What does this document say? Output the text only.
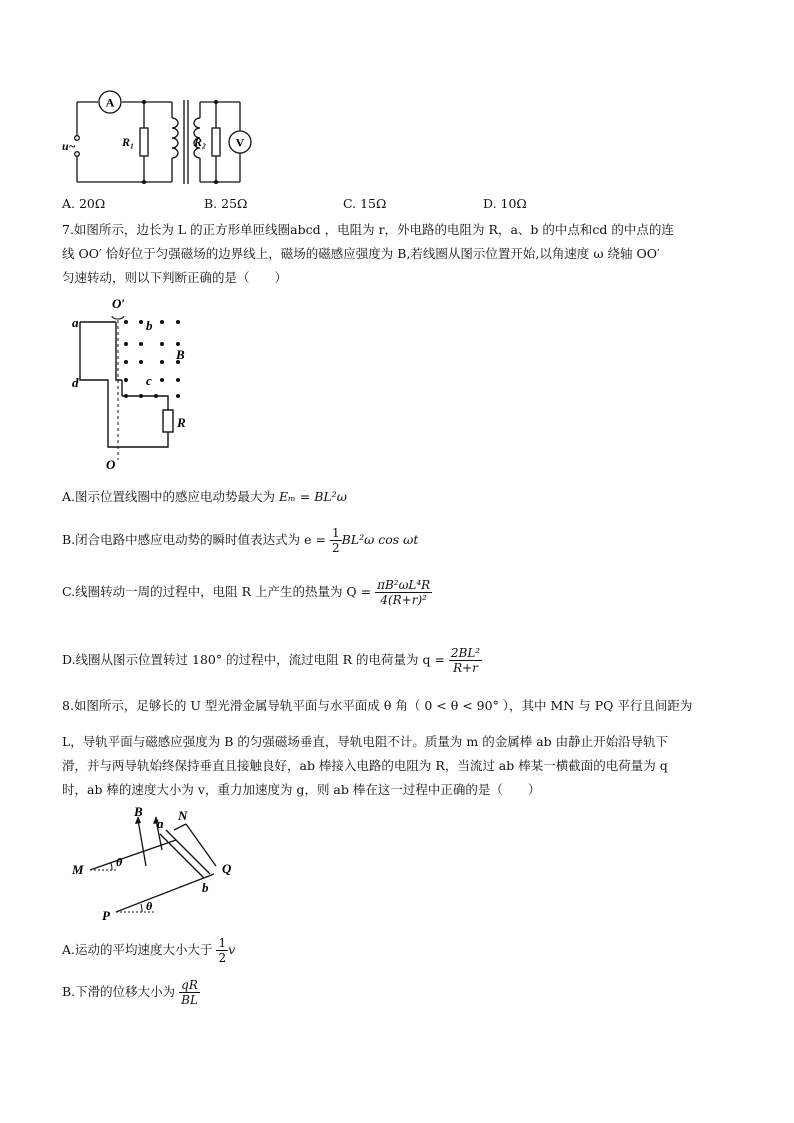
A
V
u~	R₁	R₂
A. 20Ω	B. 25Ω	C. 15Ω	D. 10Ω
7.如图所示，边长为 L 的正方形单匝线圈abcd ，电阻为 r，外电路的电阻为 R，a、b 的中点和cd 的中点的连
线 OO′ 恰好位于匀强磁场的边界线上，磁场的磁感应强度为 B,若线圈从图示位置开始,以角速度 ω 绕轴 OO′
匀速转动，则以下判断正确的是（　　）
O′
a	b
B
d	c
R
O
A.图示位置线圈中的感应电动势最大为 Eₘ = BL²ω
B.闭合电路中感应电动势的瞬时值表达式为 $e = \frac{1}{2} BL^2\omega$ cos ωt
C.线圈转动一周的过程中，电阻 R 上产生的热量为 $Q = \frac{\text{πB²ωL⁴R}}{\text{4(R+r)²}}$
D.线圈从图示位置转过 180° 的过程中，流过电阻 R 的电荷量为 $q = \frac{\text{2BL²}}{R+r}$
8.如图所示，足够长的 U 型光滑金属导轨平面与水平面成 θ 角（ 0 < θ < 90° ），其中 MN 与 PQ 平行且间距为
L，导轨平面与磁感应强度为 B 的匀强磁场垂直，导轨电阻不计。质量为 m 的金属棒 ab 由静止开始沿导轨下
滑，并与两导轨始终保持垂直且接触良好，ab 棒接入电路的电阻为 R，当流过 ab 棒某一横截面的电荷量为 q
时，ab 棒的速度大小为 v，重力加速度为 g，则 ab 棒在这一过程中正确的是（　　）
B
a
N
M	θ	Q
b
P
θ
A.运动的平均速度大小大于 $\frac{1}{2}$ v
B.下滑的位移大小为 $\frac{qR}{BL}$
